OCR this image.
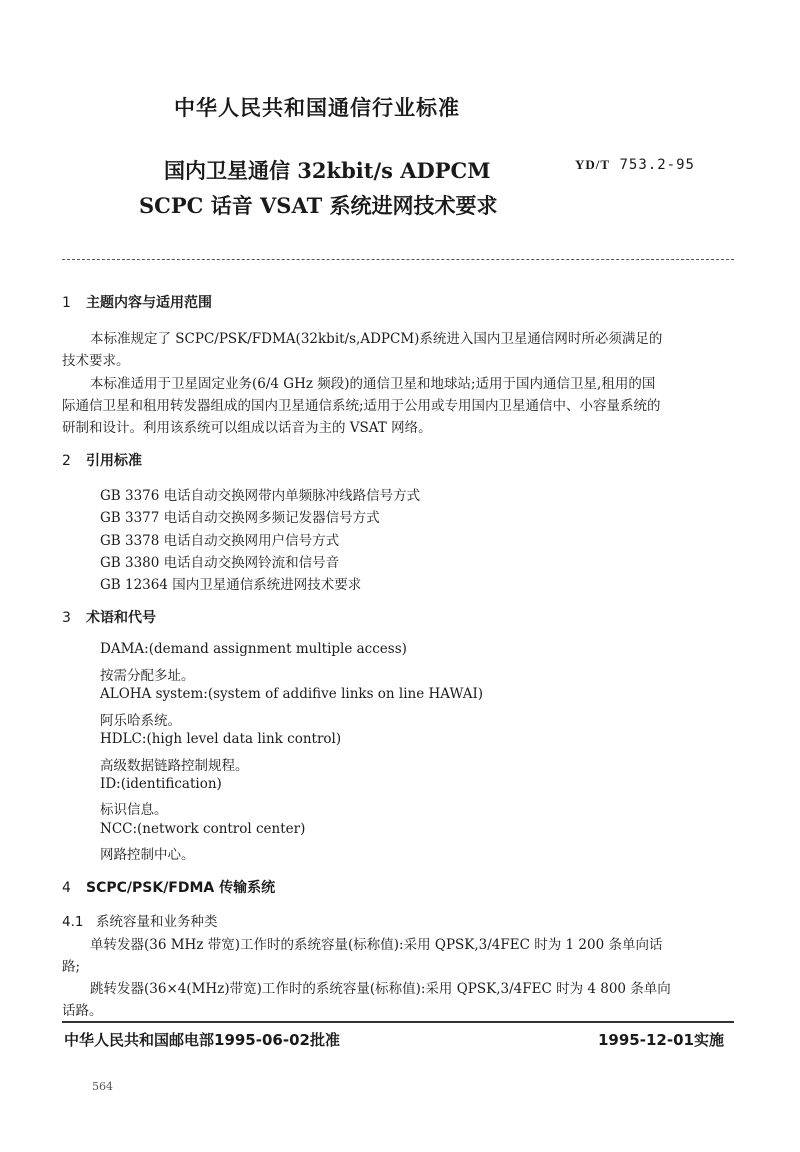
中华人民共和国通信行业标准
国内卫星通信 32kbit/s ADPCM
SCPC 话音 VSAT 系统进网技术要求
YD/T 753.2-95
1 主题内容与适用范围
本标准规定了 SCPC/PSK/FDMA(32kbit/s,ADPCM)系统进入国内卫星通信网时所必须满足的
技术要求。
本标准适用于卫星固定业务(6/4 GHz 频段)的通信卫星和地球站;适用于国内通信卫星,租用的国
际通信卫星和租用转发器组成的国内卫星通信系统;适用于公用或专用国内卫星通信中、小容量系统的
研制和设计。利用该系统可以组成以话音为主的 VSAT 网络。
2 引用标准
GB 3376 电话自动交换网带内单频脉冲线路信号方式
GB 3377 电话自动交换网多频记发器信号方式
GB 3378 电话自动交换网用户信号方式
GB 3380 电话自动交换网铃流和信号音
GB 12364 国内卫星通信系统进网技术要求
3 术语和代号
DAMA:(demand assignment multiple access)
按需分配多址。
ALOHA system:(system of addifive links on line HAWAI)
阿乐哈系统。
HDLC:(high level data link control)
高级数据链路控制规程。
ID:(identification)
标识信息。
NCC:(network control center)
网路控制中心。
4 SCPC/PSK/FDMA 传输系统
4.1 系统容量和业务种类
单转发器(36 MHz 带宽)工作时的系统容量(标称值):采用 QPSK,3/4FEC 时为 1 200 条单向话
路;
跳转发器(36×4(MHz)带宽)工作时的系统容量(标称值):采用 QPSK,3/4FEC 时为 4 800 条单向
话路。
中华人民共和国邮电部1995-06-02批准	1995-12-01实施
564
